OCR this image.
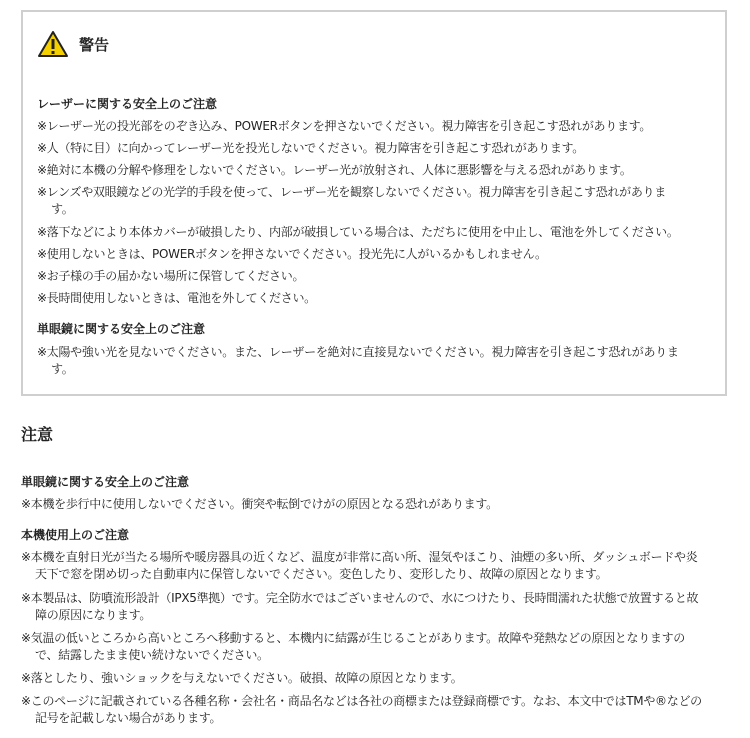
警告
レーザーに関する安全上のご注意
※レーザー光の投光部をのぞき込み、POWERボタンを押さないでください。視力障害を引き起こす恐れがあります。
※人（特に目）に向かってレーザー光を投光しないでください。視力障害を引き起こす恐れがあります。
※絶対に本機の分解や修理をしないでください。レーザー光が放射され、人体に悪影響を与える恐れがあります。
※レンズや双眼鏡などの光学的手段を使って、レーザー光を観察しないでください。視力障害を引き起こす恐れがありま
す。
※落下などにより本体カバーが破損したり、内部が破損している場合は、ただちに使用を中止し、電池を外してください。
※使用しないときは、POWERボタンを押さないでください。投光先に人がいるかもしれません。
※お子様の手の届かない場所に保管してください。
※長時間使用しないときは、電池を外してください。
単眼鏡に関する安全上のご注意
※太陽や強い光を見ないでください。また、レーザーを絶対に直接見ないでください。視力障害を引き起こす恐れがありま
す。
注意
単眼鏡に関する安全上のご注意
※本機を歩行中に使用しないでください。衝突や転倒でけがの原因となる恐れがあります。
本機使用上のご注意
※本機を直射日光が当たる場所や暖房器具の近くなど、温度が非常に高い所、湿気やほこり、油煙の多い所、ダッシュボードや炎
天下で窓を閉め切った自動車内に保管しないでください。変色したり、変形したり、故障の原因となります。
※本製品は、防噴流形設計（IPX5準拠）です。完全防水ではございませんので、水につけたり、長時間濡れた状態で放置すると故
障の原因になります。
※気温の低いところから高いところへ移動すると、本機内に結露が生じることがあります。故障や発熱などの原因となりますの
で、結露したまま使い続けないでください。
※落としたり、強いショックを与えないでください。破損、故障の原因となります。
※このページに記載されている各種名称・会社名・商品名などは各社の商標または登録商標です。なお、本文中ではTMや®などの
記号を記載しない場合があります。
